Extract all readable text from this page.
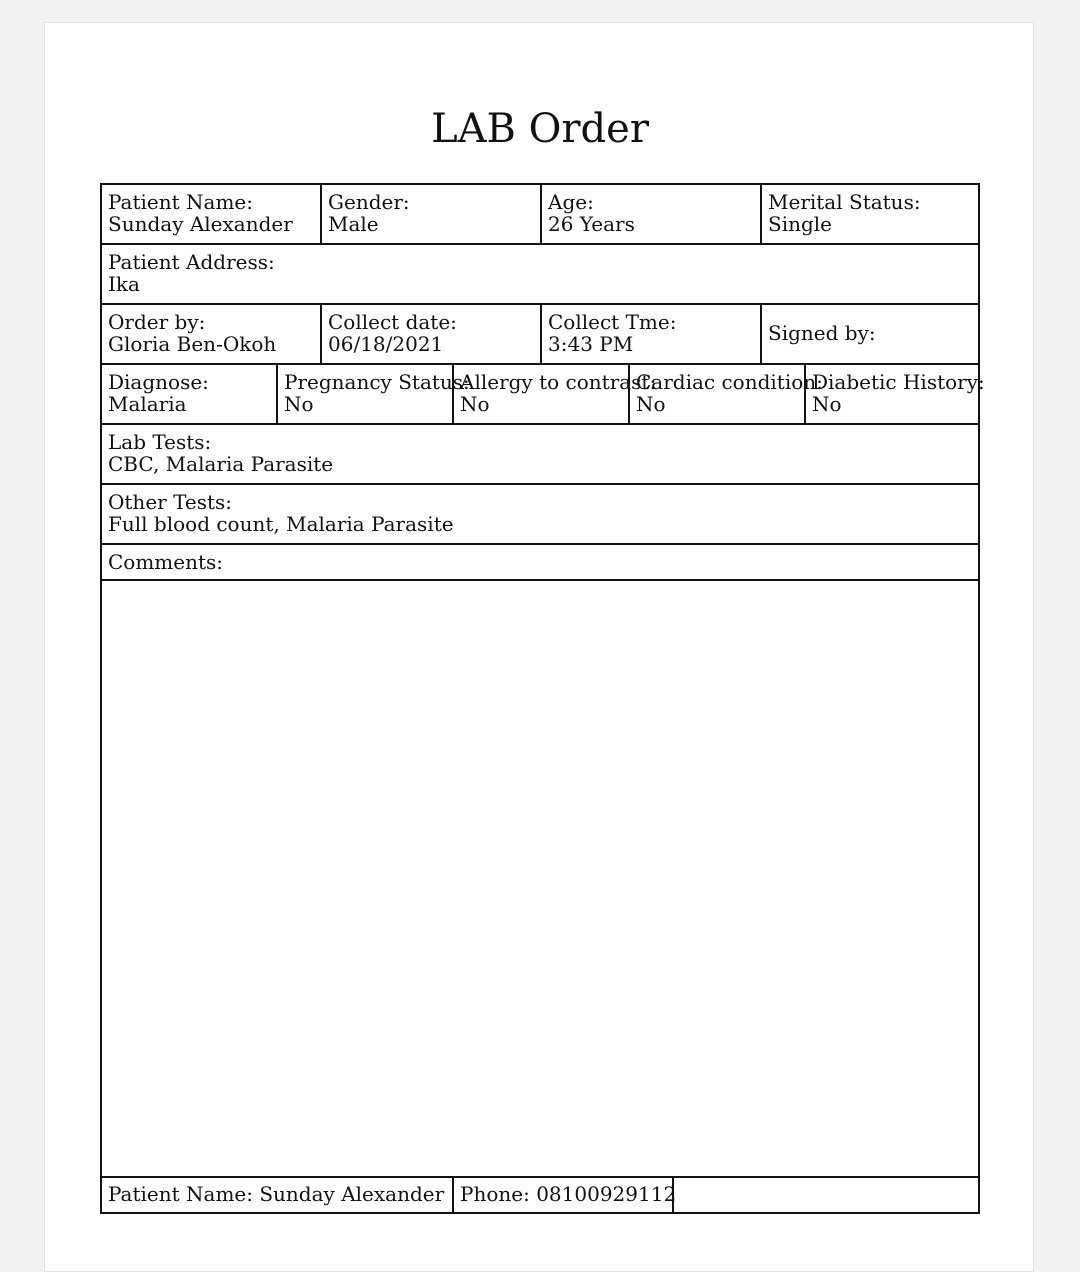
LAB Order
Patient Name:
Sunday Alexander
Gender:
Male
Age:
26 Years
Merital Status:
Single
Patient Address:
Ika
Order by:
Gloria Ben-Okoh
Collect date:
06/18/2021
Collect Tme:
3:43 PM	Signed by:
Diagnose:
Malaria
Pregnancy Status:
No
Allergy to contrast:
No
Cardiac condition:
No
Diabetic History:
No
Lab Tests:
CBC, Malaria Parasite
Other Tests:
Full blood count, Malaria Parasite
Comments:
Patient Name: Sunday Alexander Phone: 08100929112
